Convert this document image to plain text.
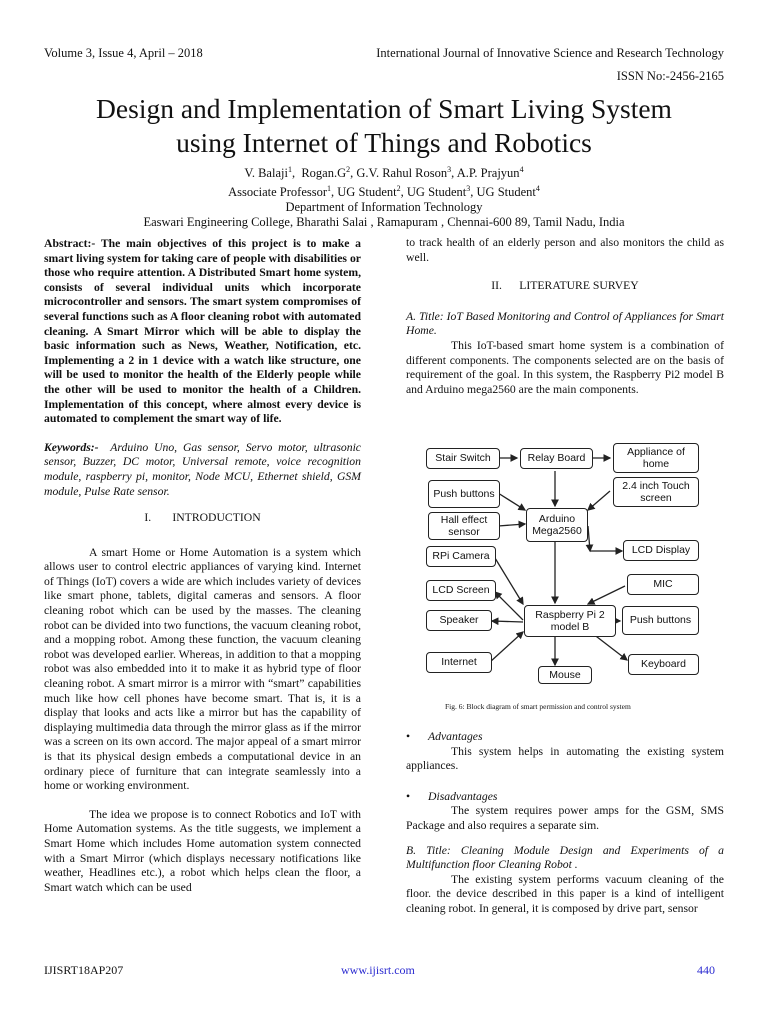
Volume 3, Issue 4, April – 2018	International Journal of Innovative Science and Research Technology
ISSN No:-2456-2165
Design and Implementation of Smart Living System
using Internet of Things and Robotics
V. Balaji$^1$,  $Rogan.G^2$, G.V. Rahul Roson$^3$, A.P. Prajyun$^4$
Associate Professor$^1$, UG Student$^2$, UG Student$^3$, UG Student$^4$
Department of Information Technology
Easwari Engineering College, Bharathi Salai , Ramapuram , Chennai-600 89, Tamil Nadu, India

Abstract:- The main objectives of this project is to make a smart living system for taking care of people with disabilities or those who require attention. A Distributed Smart home system, consists of several individual units which incorporate microcontroller and sensors. The smart system compromises of several functions such as A floor cleaning robot with automated cleaning. A Smart Mirror which will be able to display the basic information such as News, Weather, Notification, etc. Implementing a 2 in 1 device with a watch like structure, one will be used to monitor the health of the Elderly people while the other will be used to monitor the health of a Children. Implementation of this concept, where almost every device is automated to complement the smart way of life.

Keywords:- Arduino Uno, Gas sensor, Servo motor, ultrasonic sensor, Buzzer, DC motor, Universal remote, voice recognition module, raspberry pi, monitor, Node MCU, Ethernet shield, GSM module, Pulse Rate sensor.

I. INTRODUCTION

A smart Home or Home Automation is a system which allows user to control electric appliances of varying kind. Internet of Things (IoT) covers a wide are which includes variety of devices like smart phone, tablets, digital cameras and sensors. A floor cleaning robot which can be used by the masses. The cleaning robot can be divided into two functions, the vacuum cleaning robot, and a mopping robot. Among these function, the vacuum cleaning robot was developed earlier. Whereas, in addition to that a mopping robot was also embedded into it to make it as hybrid type of floor cleaning robot. A smart mirror is a mirror with “smart” capabilities much like how cell phones have become smart. That is, it is a display that looks and acts like a mirror but has the capability of displaying multimedia data through the mirror glass as if the mirror was a screen on its own accord. The major appeal of a smart mirror is that its physical design embeds a computational device in an ordinary piece of furniture that can integrate seamlessly into a home or working environment.

The idea we propose is to connect Robotics and IoT with Home Automation systems. As the title suggests, we implement a Smart Home which includes Home automation system connected with a Smart Mirror (which displays necessary notifications like weather, Headlines etc.), a robot which helps clean the floor, a Smart watch which can be used

to track health of an elderly person and also monitors the child as well.

II. LITERATURE SURVEY

A. Title: IoT Based Monitoring and Control of Appliances for Smart Home.

This IoT-based smart home system is a combination of different components. The components selected are on the basis of requirement of the goal. In this system, the Raspberry Pi2 model B and Arduino mega2560 are the main components.

Stair Switch	Relay Board
Appliance of home
Push buttons
2.4 inch Touch screen
Hall effect sensor
Arduino Mega2560
RPi Camera	LCD Display
LCD Screen	MIC
Speaker	Raspberry Pi 2 model B
Push buttons
Internet	Keyboard
Mouse
Fig. 6: Block diagram of smart permission and control system

• Advantages

This system helps in automating the existing system appliances.

• Disadvantages

The system requires power amps for the GSM, SMS Package and also requires a separate sim.

B. Title: Cleaning Module Design and Experiments of a Multifunction floor Cleaning Robot .

The existing system performs vacuum cleaning of the floor. the device described in this paper is a kind of intelligent cleaning robot. In general, it is composed by drive part, sensor

IJISRT18AP207	www.ijisrt.com	440
